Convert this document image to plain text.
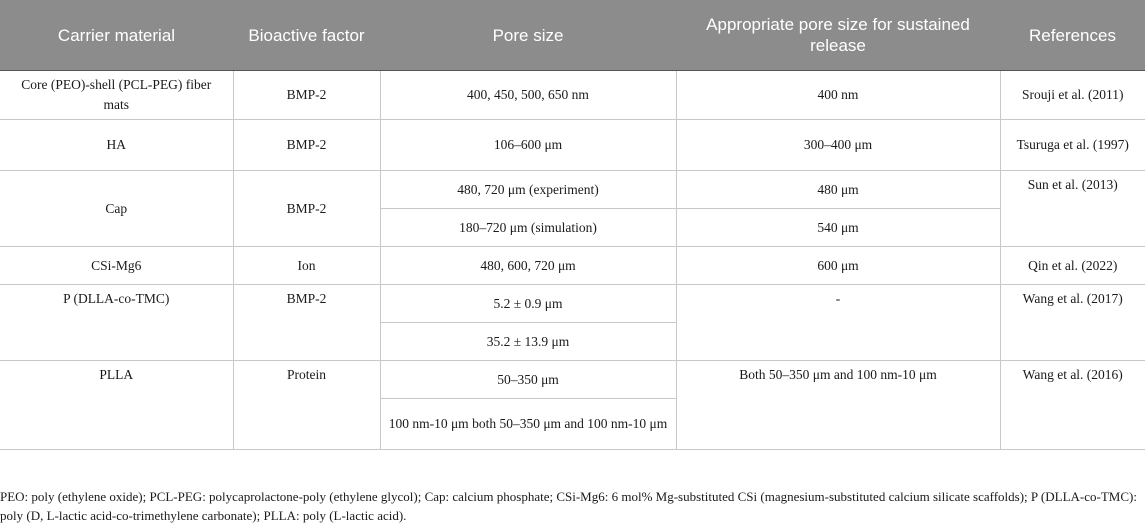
Carrier material	Bioactive factor	Pore size	Appropriate pore size for sustained release	References
Core (PEO)-shell (PCL-PEG) fiber mats	BMP-2	400, 450, 500, 650 nm	400 nm	Srouji et al. (2011)
HA	BMP-2	106–600 μm	300–400 μm	Tsuruga et al. (1997)
Cap	BMP-2	480, 720 μm (experiment)	480 μm	Sun et al. (2013)
		180–720 μm (simulation)	540 μm	
CSi-Mg6	Ion	480, 600, 720 μm	600 μm	Qin et al. (2022)
P (DLLA-co-TMC)	BMP-2	5.2 ± 0.9 μm	-	Wang et al. (2017)
		35.2 ± 13.9 μm		
PLLA	Protein	50–350 μm	Both 50–350 μm and 100 nm-10 μm	Wang et al. (2016)
		100 nm-10 μm both 50–350 μm and 100 nm-10 μm		

PEO: poly (ethylene oxide); PCL-PEG: polycaprolactone-poly (ethylene glycol); Cap: calcium phosphate; CSi-Mg6: 6 mol% Mg-substituted CSi (magnesium-substituted calcium silicate scaffolds); P (DLLA-co-TMC): poly (D, L-lactic acid-co-trimethylene carbonate); PLLA: poly (L-lactic acid).
